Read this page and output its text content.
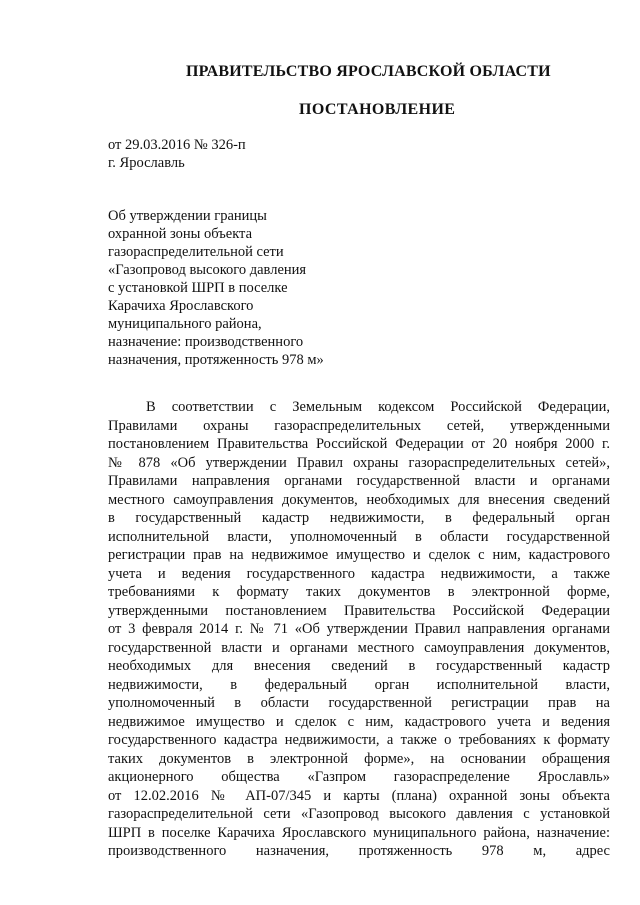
ПРАВИТЕЛЬСТВО ЯРОСЛАВСКОЙ ОБЛАСТИ
ПОСТАНОВЛЕНИЕ
от 29.03.2016 № 326-п
г. Ярославль
Об утверждении границы
охранной зоны объекта
газораспределительной сети
«Газопровод высокого давления
с установкой ШРП в поселке
Карачиха Ярославского
муниципального района,
назначение: производственного
назначения, протяженность 978 м»
В соответствии с Земельным кодексом Российской Федерации,
Правилами охраны газораспределительных сетей, утвержденными
постановлением Правительства Российской Федерации от 20 ноября 2000 г.
№ 878 «Об утверждении Правил охраны газораспределительных сетей»,
Правилами направления органами государственной власти и органами
местного самоуправления документов, необходимых для внесения сведений
в государственный кадастр недвижимости, в федеральный орган
исполнительной власти, уполномоченный в области государственной
регистрации прав на недвижимое имущество и сделок с ним, кадастрового
учета и ведения государственного кадастра недвижимости, а также
требованиями к формату таких документов в электронной форме,
утвержденными постановлением Правительства Российской Федерации
от 3 февраля 2014 г. № 71 «Об утверждении Правил направления органами
государственной власти и органами местного самоуправления документов,
необходимых для внесения сведений в государственный кадастр
недвижимости, в федеральный орган исполнительной власти,
уполномоченный в области государственной регистрации прав на
недвижимое имущество и сделок с ним, кадастрового учета и ведения
государственного кадастра недвижимости, а также о требованиях к формату
таких документов в электронной форме», на основании обращения
акционерного общества «Газпром газораспределение Ярославль»
от 12.02.2016 № АП-07/345 и карты (плана) охранной зоны объекта
газораспределительной сети «Газопровод высокого давления с установкой
ШРП в поселке Карачиха Ярославского муниципального района, назначение:
производственного назначения, протяженность 978 м, адрес
